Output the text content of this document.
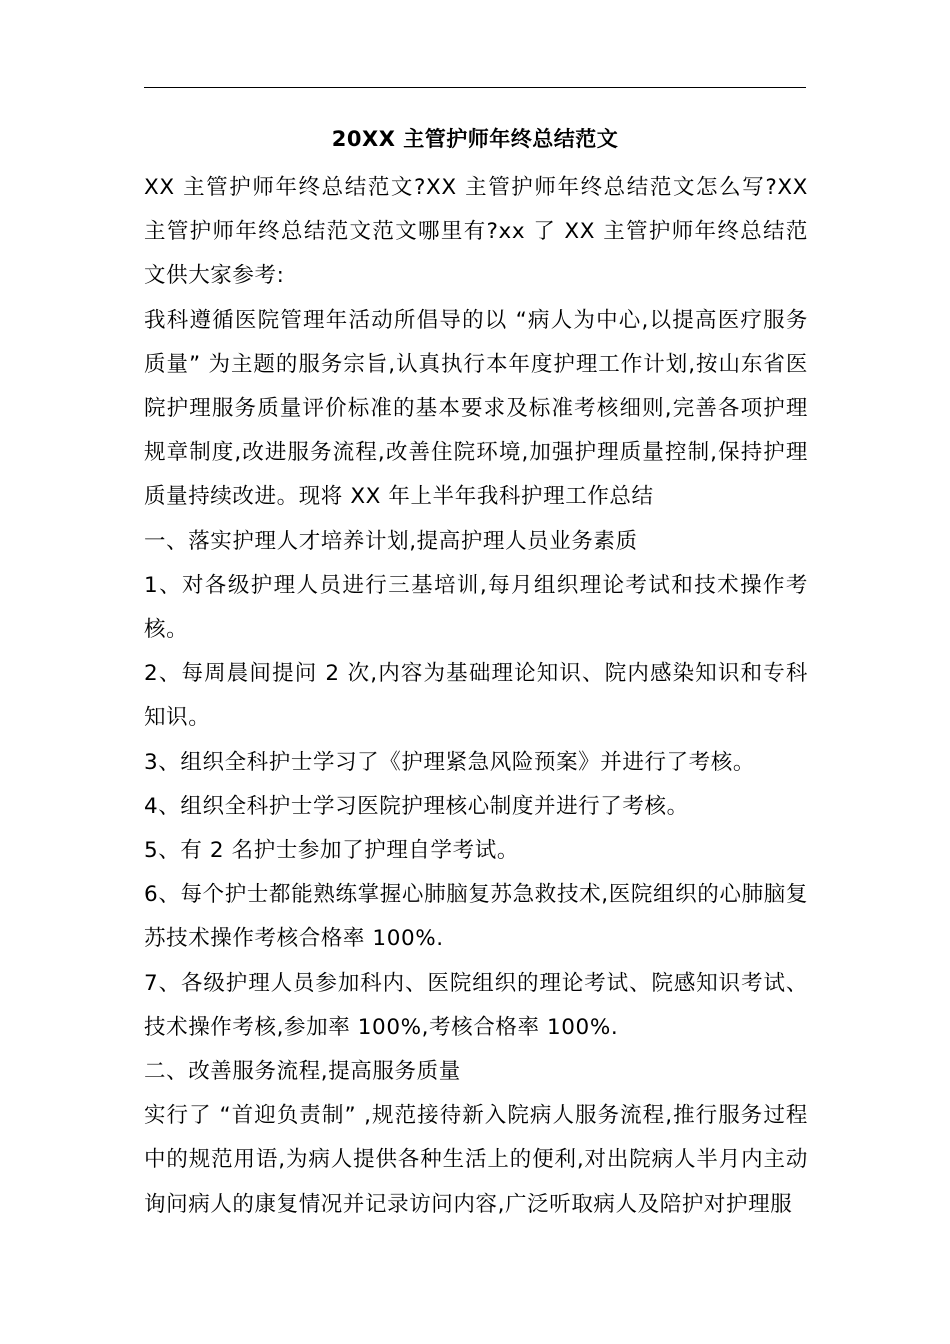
20XX 主管护师年终总结范文

XX 主管护师年终总结范文?XX 主管护师年终总结范文怎么写?XX 主管护师年终总结范文范文哪里有?xx 了 XX 主管护师年终总结范文供大家参考:

我科遵循医院管理年活动所倡导的以 “病人为中心,以提高医疗服务质量” 为主题的服务宗旨,认真执行本年度护理工作计划,按山东省医院护理服务质量评价标准的基本要求及标准考核细则,完善各项护理规章制度,改进服务流程,改善住院环境,加强护理质量控制,保持护理质量持续改进。现将 XX 年上半年我科护理工作总结

一、落实护理人才培养计划,提高护理人员业务素质

1、对各级护理人员进行三基培训,每月组织理论考试和技术操作考核。

2、每周晨间提问 2 次,内容为基础理论知识、院内感染知识和专科知识。

3、组织全科护士学习了《护理紧急风险预案》并进行了考核。

4、组织全科护士学习医院护理核心制度并进行了考核。

5、有 2 名护士参加了护理自学考试。

6、每个护士都能熟练掌握心肺脑复苏急救技术,医院组织的心肺脑复苏技术操作考核合格率 100%.

7、各级护理人员参加科内、医院组织的理论考试、院感知识考试、技术操作考核,参加率 100%,考核合格率 100%.

二、改善服务流程,提高服务质量

实行了 “首迎负责制” ,规范接待新入院病人服务流程,推行服务过程中的规范用语,为病人提供各种生活上的便利,对出院病人半月内主动询问病人的康复情况并记录访问内容,广泛听取病人及陪护对护理服
